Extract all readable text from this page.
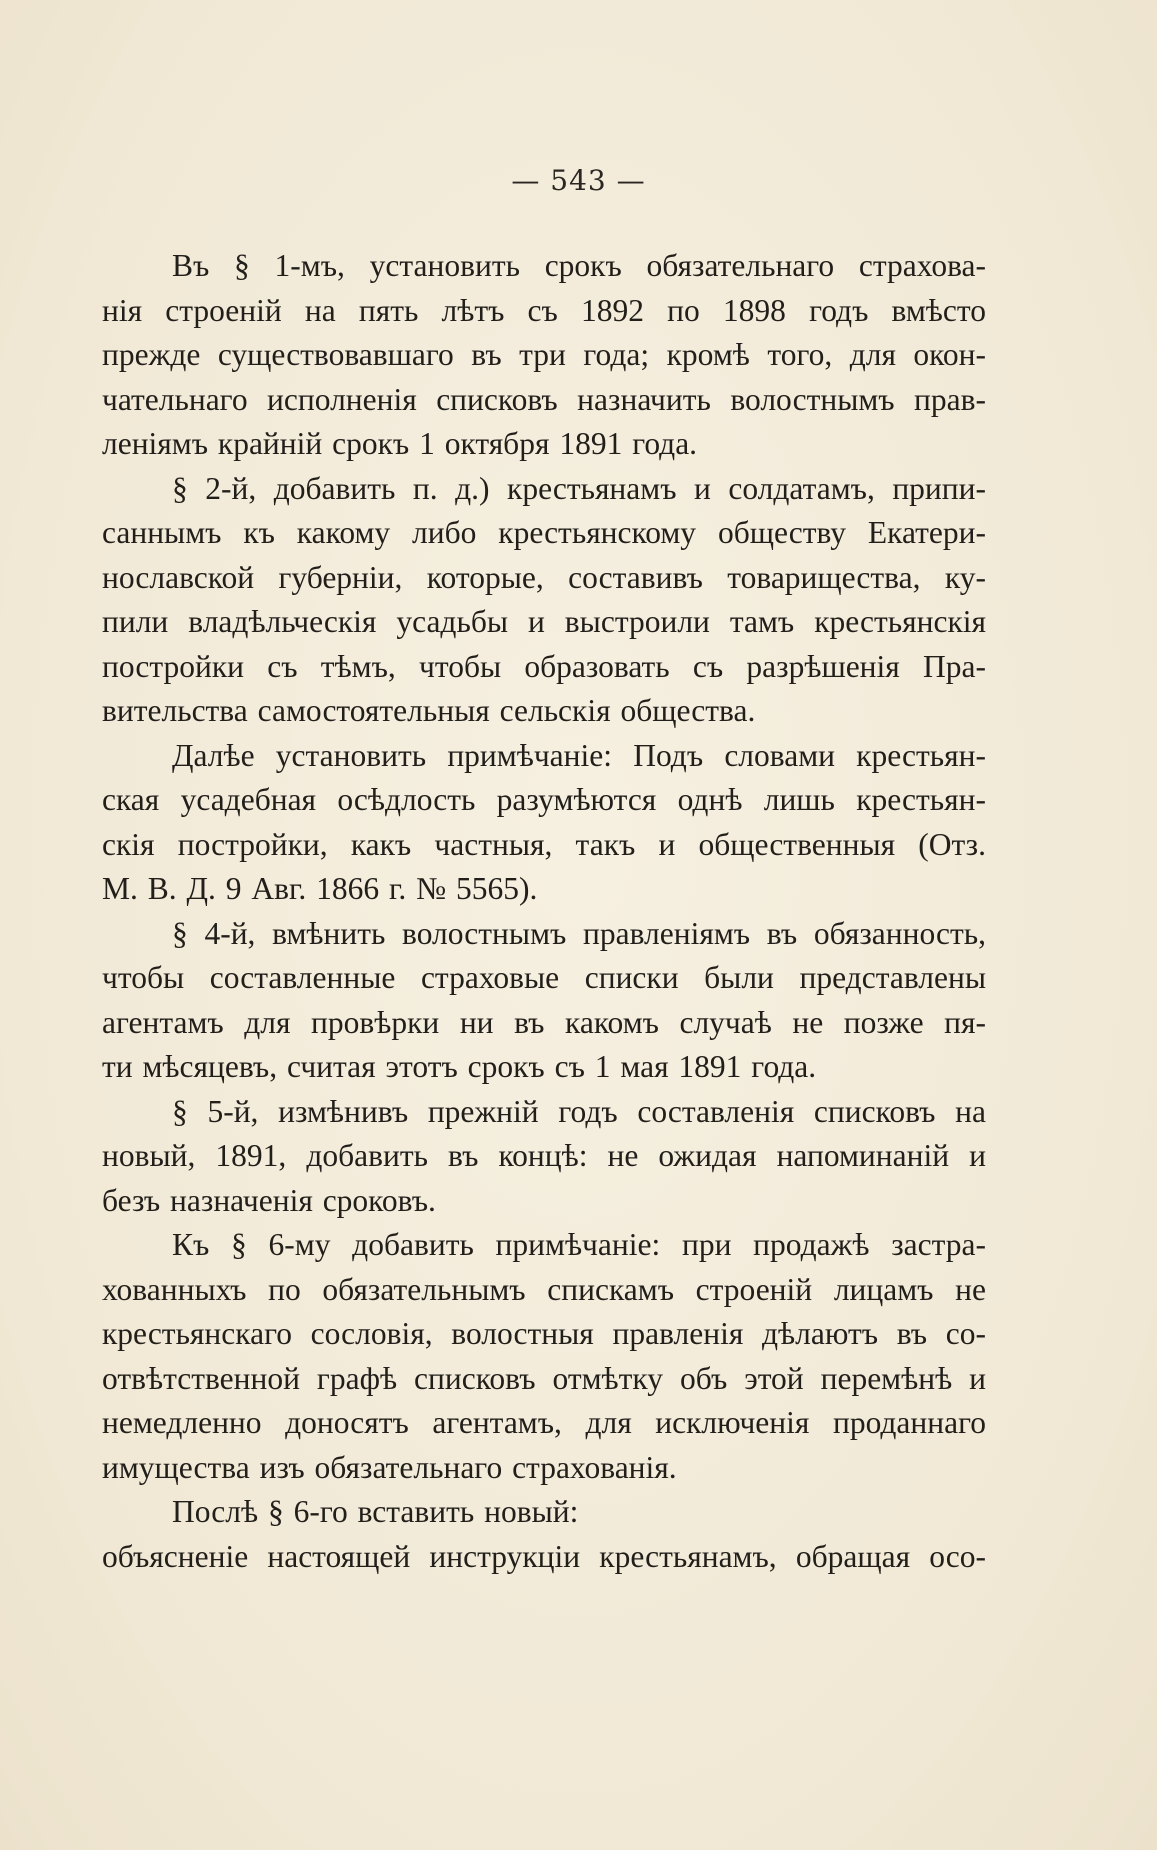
— 543 —
Въ § 1-мъ, установить срокъ обязательнаго страхова-
нія строеній на пять лѣтъ съ 1892 по 1898 годъ вмѣсто
прежде существовавшаго въ три года; кромѣ того, для окон-
чательнаго исполненія списковъ назначить волостнымъ прав-
леніямъ крайній срокъ 1 октября 1891 года.
§ 2-й, добавить п. д.) крестьянамъ и солдатамъ, припи-
саннымъ къ какому либо крестьянскому обществу Екатери-
нославской губерніи, которые, составивъ товарищества, ку-
пили владѣльческія усадьбы и выстроили тамъ крестьянскія
постройки съ тѣмъ, чтобы образовать съ разрѣшенія Пра-
вительства самостоятельныя сельскія общества.
Далѣе установить примѣчаніе: Подъ словами крестьян-
ская усадебная осѣдлость разумѣются однѣ лишь крестьян-
скія постройки, какъ частныя, такъ и общественныя (Отз.
М. В. Д. 9 Авг. 1866 г. № 5565).
§ 4-й, вмѣнить волостнымъ правленіямъ въ обязанность,
чтобы составленные страховые списки были представлены
агентамъ для провѣрки ни въ какомъ случаѣ не позже пя-
ти мѣсяцевъ, считая этотъ срокъ съ 1 мая 1891 года.
§ 5-й, измѣнивъ прежній годъ составленія списковъ на
новый, 1891, добавить въ концѣ: не ожидая напоминаній и
безъ назначенія сроковъ.
Къ § 6-му добавить примѣчаніе: при продажѣ застра-
хованныхъ по обязательнымъ спискамъ строеній лицамъ не
крестьянскаго сословія, волостныя правленія дѣлаютъ въ со-
отвѣтственной графѣ списковъ отмѣтку объ этой перемѣнѣ и
немедленно доносятъ агентамъ, для исключенія проданнаго
имущества изъ обязательнаго страхованія.
Послѣ § 6-го вставить новый:
объясненіе настоящей инструкціи крестьянамъ, обращая осо-
